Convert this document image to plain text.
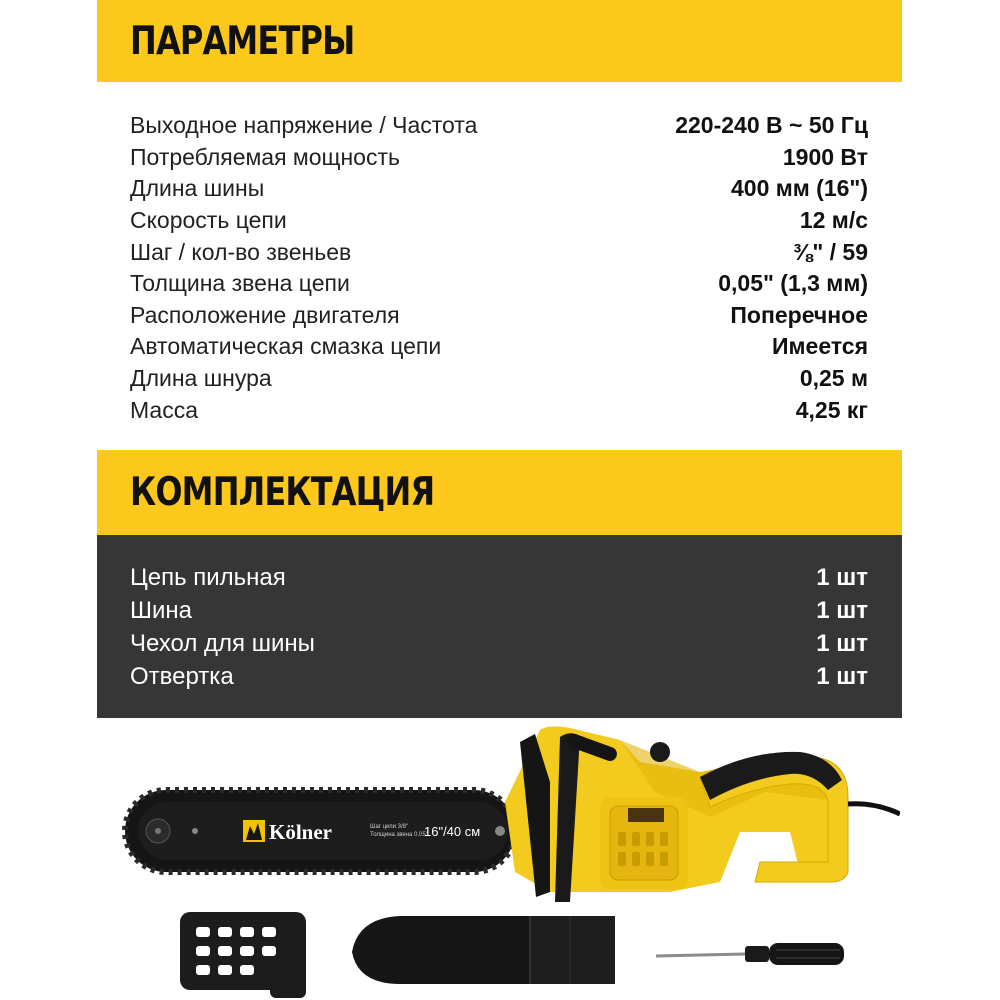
ПАРАМЕТРЫ
Выходное напряжение / Частота	220-240 В ~ 50 Гц
Потребляемая мощность	1900 Вт
Длина шины	400 мм (16")
Скорость цепи	12 м/с
Шаг / кол-во звеньев	⅜" / 59
Толщина звена цепи	0,05" (1,3 мм)
Расположение двигателя	Поперечное
Автоматическая смазка цепи	Имеется
Длина шнура	0,25 м
Масса	4,25 кг
КОМПЛЕКТАЦИЯ
Цепь пильная	1 шт
Шина	1 шт
Чехол для шины	1 шт
Отвертка	1 шт
Kölner	Шаг цепи 3/8"
Толщина звена 0,05"
16"/40 см
